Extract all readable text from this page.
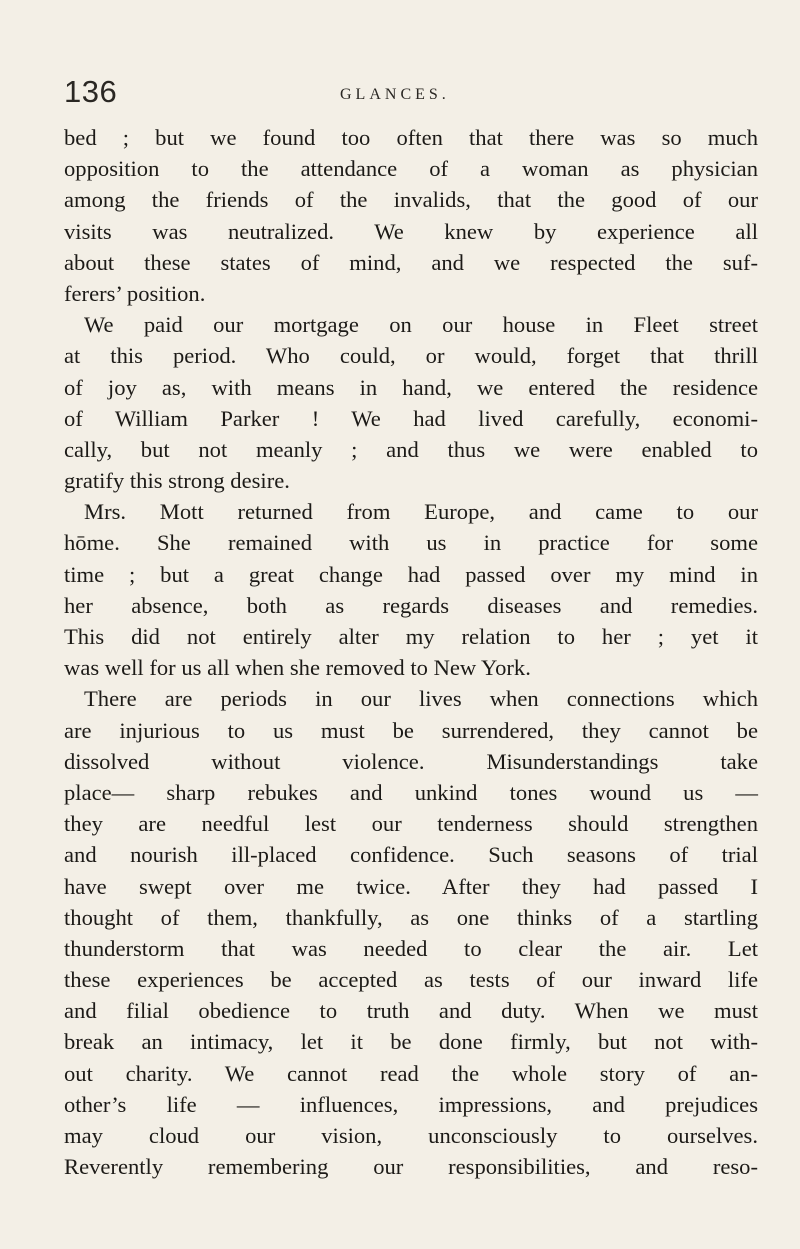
136	GLANCES.
bed ; but we found too often that there was so much
opposition to the attendance of a woman as physician
among the friends of the invalids, that the good of our
visits was neutralized. We knew by experience all
about these states of mind, and we respected the suf-
ferers’ position.
We paid our mortgage on our house in Fleet street
at this period. Who could, or would, forget that thrill
of joy as, with means in hand, we entered the residence
of William Parker ! We had lived carefully, economi-
cally, but not meanly ; and thus we were enabled to
gratify this strong desire.
Mrs. Mott returned from Europe, and came to our
hōme. She remained with us in practice for some
time ; but a great change had passed over my mind in
her absence, both as regards diseases and remedies.
This did not entirely alter my relation to her ; yet it
was well for us all when she removed to New York.
There are periods in our lives when connections which
are injurious to us must be surrendered, they cannot be
dissolved without violence. Misunderstandings take
place— sharp rebukes and unkind tones wound us —
they are needful lest our tenderness should strengthen
and nourish ill-placed confidence. Such seasons of trial
have swept over me twice. After they had passed I
thought of them, thankfully, as one thinks of a startling
thunderstorm that was needed to clear the air. Let
these experiences be accepted as tests of our inward life
and filial obedience to truth and duty. When we must
break an intimacy, let it be done firmly, but not with-
out charity. We cannot read the whole story of an-
other’s life — influences, impressions, and prejudices
may cloud our vision, unconsciously to ourselves.
Reverently remembering our responsibilities, and reso-
